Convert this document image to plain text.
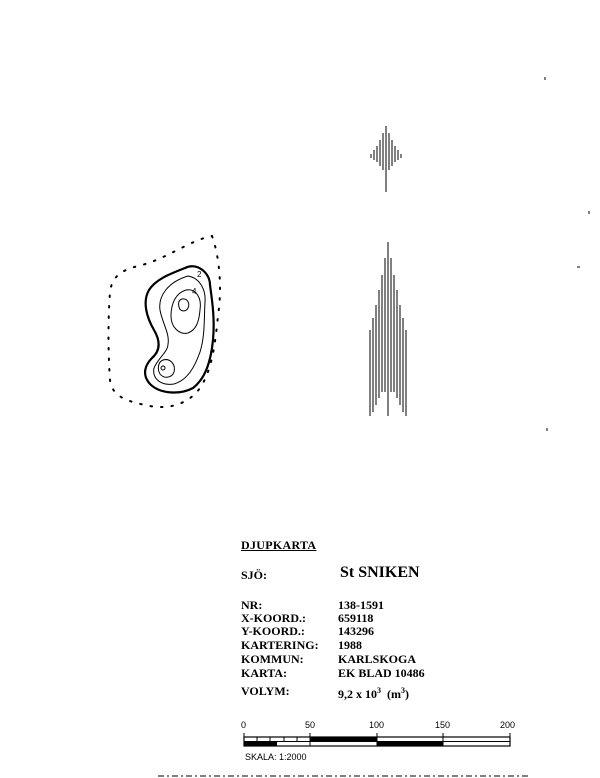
2
4
DJUPKARTA
SJÖ:	St SNIKEN
NR:	138-1591
X-KOORD.:	659118
Y-KOORD.:	143296
KARTERING: 1988
KOMMUN:	KARLSKOGA
KARTA:	EK BLAD 10486
VOLYM:	9,2 x $10^3$ $(m^3)$
0	50	100	150	200
SKALA: 1:2000
